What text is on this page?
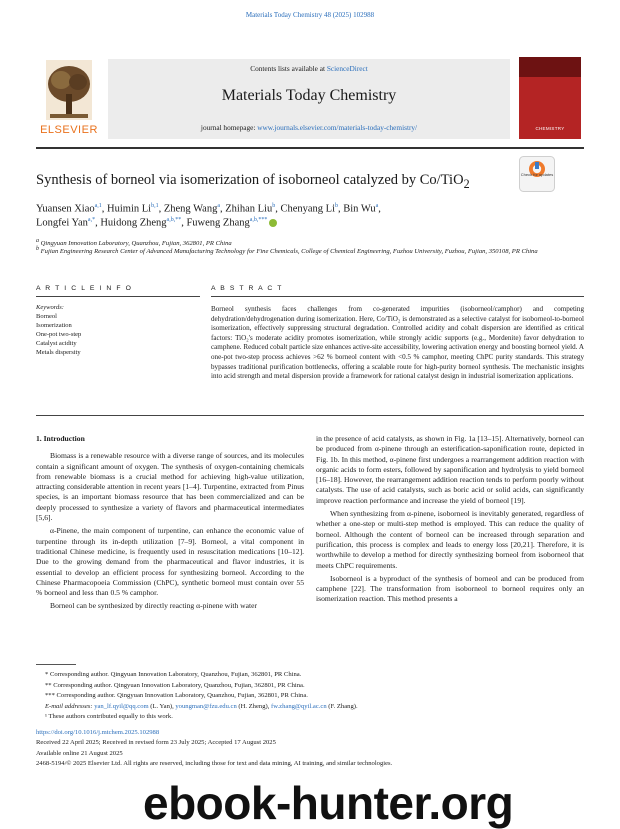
Materials Today Chemistry 48 (2025) 102988
Contents lists available at ScienceDirect
Materials Today Chemistry
journal homepage: www.journals.elsevier.com/materials-today-chemistry/
ELSEVIER	CHEMISTRY
Synthesis of borneol via isomerization of isoborneol catalyzed by Co/TiO$_2$
Check for updates
Yuansen Xiao$^{a,1}$, Huimin Li$^{b,1}$, Zheng Wang$^a$, Zhihan Liu$^b$, Chenyang Li$^b$, Bin Wu$^a$,
Longfei Yan$^{a,*}$, Huidong Zheng$^{a,b,**}$, Fuwеng Zhang$^{a,b,***}$
$^a$ Qingyuan Innovation Laboratory, Quanzhou, Fujian, 362801, PR China
$^b$ Fujian Engineering Research Center of Advanced Manufacturing Technology for Fine Chemicals, College of Chemical Engineering, Fuzhou University, Fuzhou, Fujian, 350108, PR China
A R T I C L E I N F O	A B S T R A C T
Keywords:
Borneol
Isomerization
One-pot two-step
Catalyst acidity
Metals dispersity
Borneol synthesis faces challenges from co-generated impurities (isobornеol/camphor) and competing dehydration/dehydrogenation during isomerization. Here, Co/TiO₂ is demonstrated as a selective catalyst for isoborneol-to-borneol isomerization, effectively suppressing structural degradation. Controlled acidity and cobalt dispersion are identified as critical factors: TiO₂'s moderate acidity promotes isomerization, while strongly acidic supports (e.g., Mordenite) favor dehydration to camphene. Reduced cobalt particle size enhances active-site accessibility, lowering activation energy and boosting borneol yield. A one-pot two-step process achieves >62 % borneol content with <0.5 % camphor, meeting ChPC purity standards. This strategy bypasses traditional purification bottlenecks, offering a scalable route for high-purity borneol synthesis. The mechanistic insights into acid strength and metal dispersion provide a framework for rational catalyst design in industrial isomerization applications.

1. Introduction

Biomass is a renewable resource with a diverse range of sources, and its molecules contain a significant amount of oxygen. The synthesis of oxygen-containing chemicals from renewable biomass is a crucial method for achieving high-value utilization, attracting considerable attention in recent years [1–4]. Turpentine, extracted from Pinus species, is an important biomass resource that has been commercialized and can be deeply processed to synthesize a variety of flavors and pharmaceutical intermediates [5,6].

α-Pinene, the main component of turpentine, can enhance the economic value of turpentine through its in-depth utilization [7–9]. Borneol, a vital component in traditional Chinese medicine, is frequently used in resuscitation medications [10–12]. Due to the growing demand from the pharmaceutical and flavor industries, it is essential to develop an efficient process for synthesizing borneol. According to the Chinese Pharmacopoeia Commission (ChPC), synthetic borneol must contain over 55 % borneol and less than 0.5 % camphor.

Borneol can be synthesized by directly reacting α-pinene with water

in the presence of acid catalysts, as shown in Fig. 1a [13–15]. Alternatively, borneol can be produced from α-pinene through an esterification-saponification route, depicted in Fig. 1b. In this method, α-pinene first undergoes a rearrangement addition reaction with organic acids to form esters, followed by saponification and hydrolysis to yield borneol [16–18]. However, the rearrangement addition reaction tends to perform poorly without catalysts. The use of acid catalysts, such as boric acid or solid acids, can significantly improve reaction performance and increase the yield of borneol [19].

When synthesizing from α-pinene, isoborneol is inevitably generated, regardless of whether a one-step or multi-step method is employed. This can reduce the quality of borneol. Although the content of borneol can be increased through separation and purification, this process is complex and leads to energy loss [20,21]. Therefore, it is worthwhile to develop a method for directly synthesizing borneol from isoborneol that meets ChPC requirements.

Isoborneol is a byproduct of the synthesis of borneol and can be produced from camphene [22]. The transformation from isoborneol to borneol requires only an isomerization reaction. This method presents a

* Corresponding author. Qingyuan Innovation Laboratory, Quanzhou, Fujian, 362801, PR China.
** Corresponding author. Qingyuan Innovation Laboratory, Quanzhou, Fujian, 362801, PR China.
*** Corresponding author. Qingyuan Innovation Laboratory, Quanzhou, Fujian, 362801, PR China.
E-mail addresses: yan_lf.qyil@qq.com (L. Yan), youngman@fzu.edu.cn (H. Zheng), fw.zhang@qyil.ac.cn (F. Zhang).
¹ These authors contributed equally to this work.
https://doi.org/10.1016/j.mtchem.2025.102988
Received 22 April 2025; Received in revised form 23 July 2025; Accepted 17 August 2025
Available online 21 August 2025
2468-5194/© 2025 Elsevier Ltd. All rights are reserved, including those for text and data mining, AI training, and similar technologies.
ebook-hunter.org
